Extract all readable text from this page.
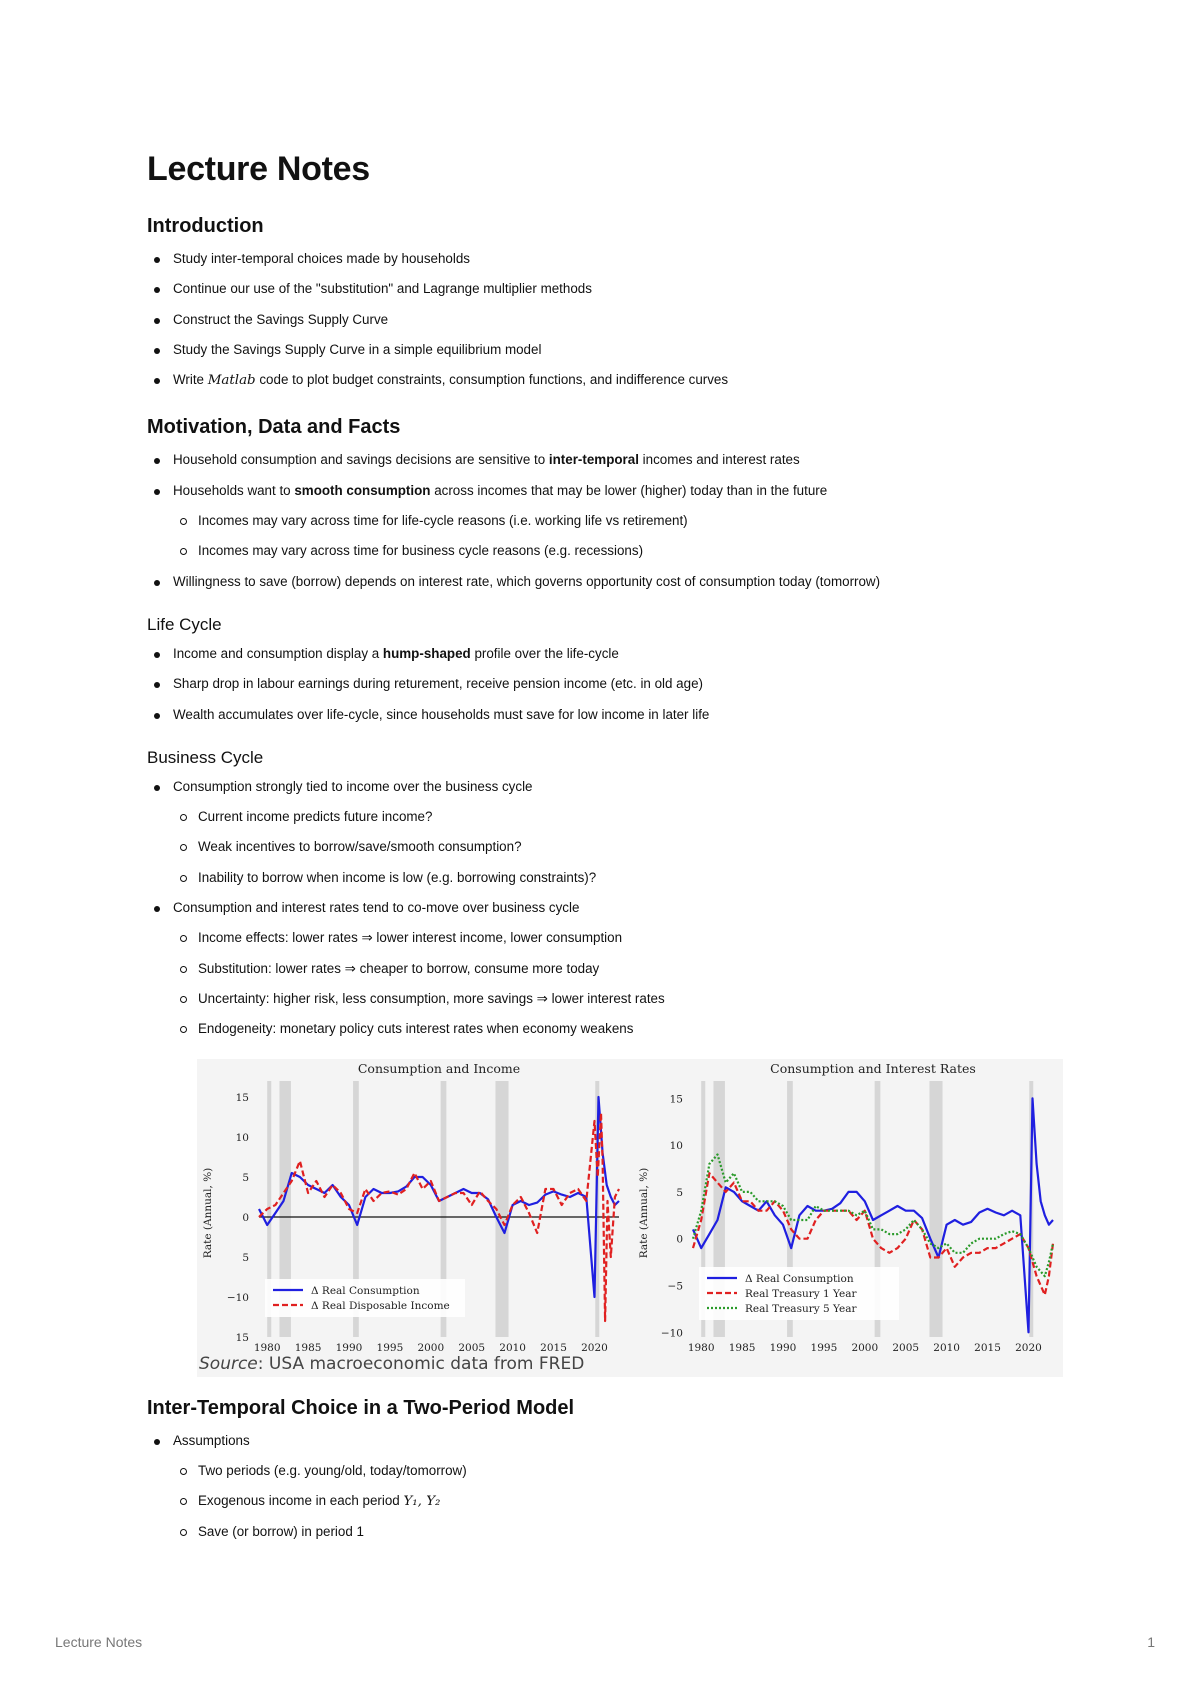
Lecture Notes
Introduction
Study inter-temporal choices made by households
Continue our use of the "substitution" and Lagrange multiplier methods
Construct the Savings Supply Curve
Study the Savings Supply Curve in a simple equilibrium model
Write Matlab code to plot budget constraints, consumption functions, and indifference curves
Motivation, Data and Facts
Household consumption and savings decisions are sensitive to inter-temporal incomes and interest rates
Households want to smooth consumption across incomes that may be lower (higher) today than in the future
Incomes may vary across time for life-cycle reasons (i.e. working life vs retirement)
Incomes may vary across time for business cycle reasons (e.g. recessions)
Willingness to save (borrow) depends on interest rate, which governs opportunity cost of consumption today (tomorrow)
Life Cycle
Income and consumption display a hump-shaped profile over the life-cycle
Sharp drop in labour earnings during returement, receive pension income (etc. in old age)
Wealth accumulates over life-cycle, since households must save for low income in later life
Business Cycle
Consumption strongly tied to income over the business cycle
Current income predicts future income?
Weak incentives to borrow/save/smooth consumption?
Inability to borrow when income is low (e.g. borrowing constraints)?
Consumption and interest rates tend to co-move over business cycle
Income effects: lower rates ⇒ lower interest income, lower consumption
Substitution: lower rates ⇒ cheaper to borrow, consume more today
Uncertainty: higher risk, less consumption, more savings ⇒ lower interest rates
Endogeneity: monetary policy cuts interest rates when economy weakens
Consumption and Income
Rate (Annual, %)
15
10
5
0
5
−10
15
1980 1985 1990 1995 2000 2005 2010 2015 2020
Δ Real Consumption
Δ Real Disposable Income
Consumption and Interest Rates
Rate (Annual, %)
15
10
5
0
−5
−10
1980 1985 1990 1995 2000 2005 2010 2015 2020
Δ Real Consumption
Real Treasury 1 Year
Real Treasury 5 Year
Source: USA macroeconomic data from FRED
Inter-Temporal Choice in a Two-Period Model
Assumptions
Two periods (e.g. young/old, today/tomorrow)
Exogenous income in each period Y₁, Y₂
Save (or borrow) in period 1
Lecture Notes	1
